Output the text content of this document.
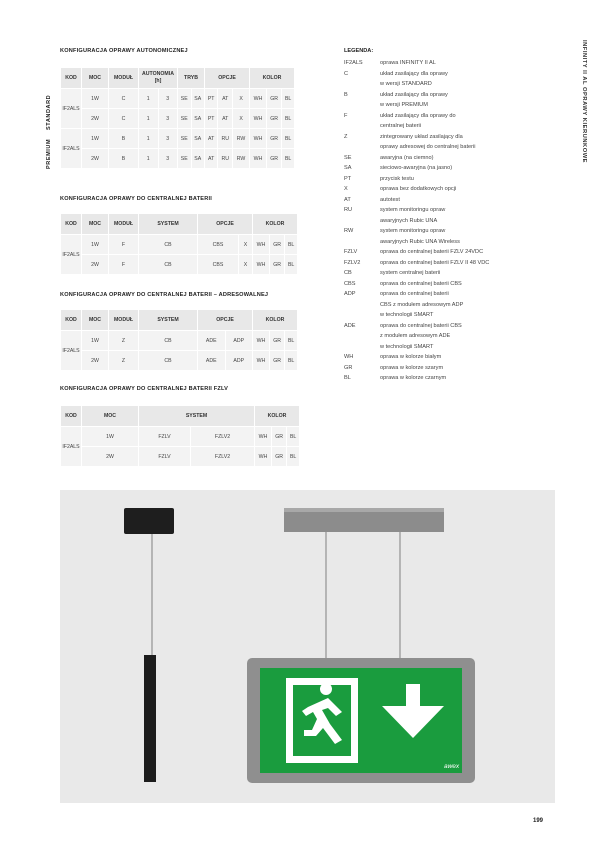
KONFIGURACJA OPRAWY AUTONOMICZNEJ
KONFIGURACJA OPRAWY DO CENTRALNEJ BATERII
KONFIGURACJA OPRAWY DO CENTRALNEJ BATERII – ADRESOWALNEJ
KONFIGURACJA OPRAWY DO CENTRALNEJ BATERII FZLV
STANDARD
PREMIUM
KOD	MOC	MODUŁ	AUTONOMIA [h]		TRYB		OPCJE			KOLOR		
IF2ALS	1W	C	1	3	SE	SA	PT	AT	X	WH	GR	BL
	2W	C	1	3	SE	SA	PT	AT	X	WH	GR	BL
IF2ALS	1W	B	1	3	SE	SA	AT	RU	RW	WH	GR	BL
	2W	B	1	3	SE	SA	AT	RU	RW	WH	GR	BL
KOD	MOC	MODUŁ	SYSTEM	OPCJE		KOLOR		
IF2ALS	1W	F	CB	CBS	X	WH	GR	BL
	2W	F	CB	CBS	X	WH	GR	BL
KOD	MOC	MODUŁ	SYSTEM	OPCJE		KOLOR		
IF2ALS	1W	Z	CB	ADE	ADP	WH	GR	BL
	2W	Z	CB	ADE	ADP	WH	GR	BL
KOD	MOC	SYSTEM		KOLOR		
IF2ALS	1W	FZLV	FZLV2	WH	GR	BL
	2W	FZLV	FZLV2	WH	GR	BL
LEGENDA:
IF2ALS	oprawa INFINITY II AL
C	układ zasilający dla oprawy
w wersji STANDARD
B	układ zasilający dla oprawy
w wersji PREMIUM
F	układ zasilający dla oprawy do
centralnej baterii
Z	zintegrowany układ zasilający dla
oprawy adresowej do centralnej baterii
SE	awaryjna (na ciemno)
SA	sieciowo-awaryjna (na jasno)
PT	przycisk testu
X	oprawa bez dodatkowych opcji
AT	autotest
RU	system monitoringu opraw
awaryjnych Rubic UNA
RW	system monitoringu opraw
awaryjnych Rubic UNA Wireless
FZLV	oprawa do centralnej baterii FZLV 24VDC
FZLV2	oprawa do centralnej baterii FZLV II 48 VDC
CB	system centralnej baterii
CBS	oprawa do centralnej baterii CBS
ADP	oprawa do centralnej baterii
CBS z modułem adresowym ADP
w technologii SMART
ADE	oprawa do centralnej baterii CBS
z modułem adresowym ADE
w technologii SMART
WH	oprawa w kolorze białym
GR	oprawa w kolorze szarym
BL	oprawa w kolorze czarnym
INFINITY II AL OPRAWY KIERUNKOWE
awex
199
